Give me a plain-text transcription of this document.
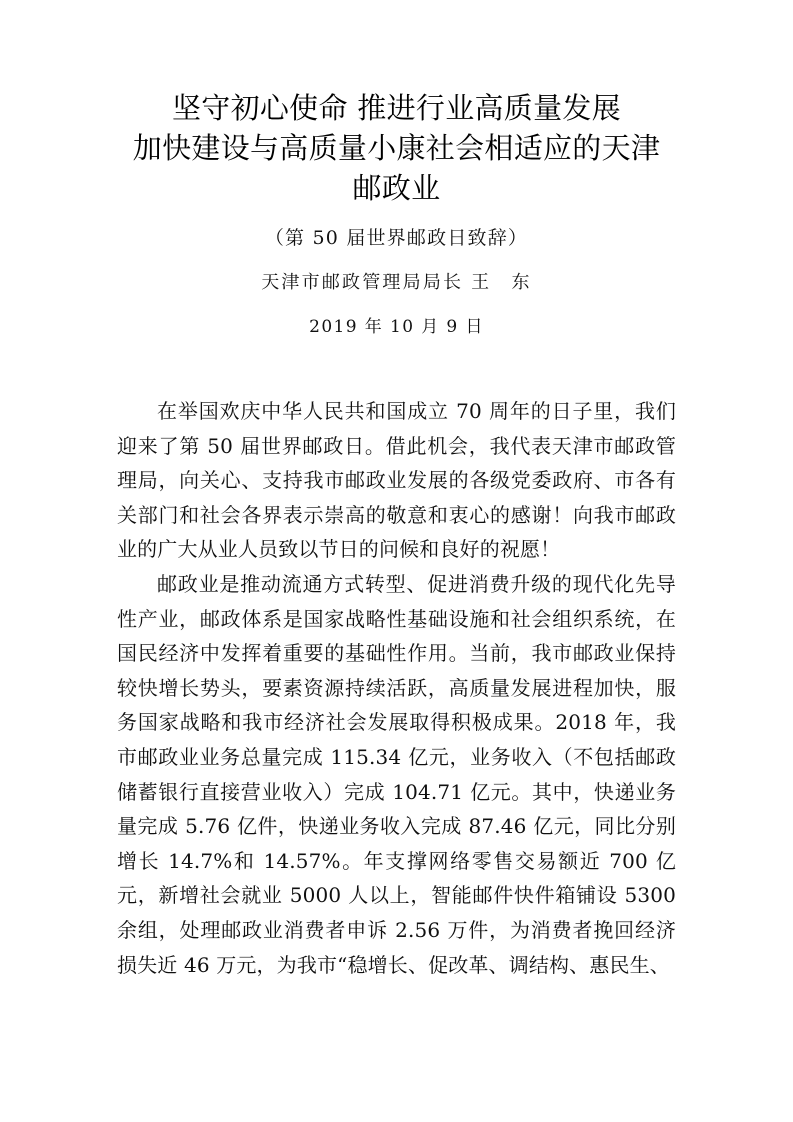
坚守初心使命 推进行业高质量发展
加快建设与高质量小康社会相适应的天津
邮政业

（第 50 届世界邮政日致辞）

天津市邮政管理局局长 王　东

2019 年 10 月 9 日

在举国欢庆中华人民共和国成立 70 周年的日子里，我们迎来了第 50 届世界邮政日。借此机会，我代表天津市邮政管理局，向关心、支持我市邮政业发展的各级党委政府、市各有关部门和社会各界表示崇高的敬意和衷心的感谢！向我市邮政业的广大从业人员致以节日的问候和良好的祝愿！

邮政业是推动流通方式转型、促进消费升级的现代化先导性产业，邮政体系是国家战略性基础设施和社会组织系统，在国民经济中发挥着重要的基础性作用。当前，我市邮政业保持较快增长势头，要素资源持续活跃，高质量发展进程加快，服务国家战略和我市经济社会发展取得积极成果。2018 年，我市邮政业业务总量完成 115.34 亿元，业务收入（不包括邮政储蓄银行直接营业收入）完成 104.71 亿元。其中，快递业务量完成 5.76 亿件，快递业务收入完成 87.46 亿元，同比分别增长 14.7%和 14.57%。年支撑网络零售交易额近 700 亿元，新增社会就业 5000 人以上，智能邮件快件箱铺设 5300 余组，处理邮政业消费者申诉 2.56 万件，为消费者挽回经济损失近 46 万元，为我市“稳增长、促改革、调结构、惠民生、
